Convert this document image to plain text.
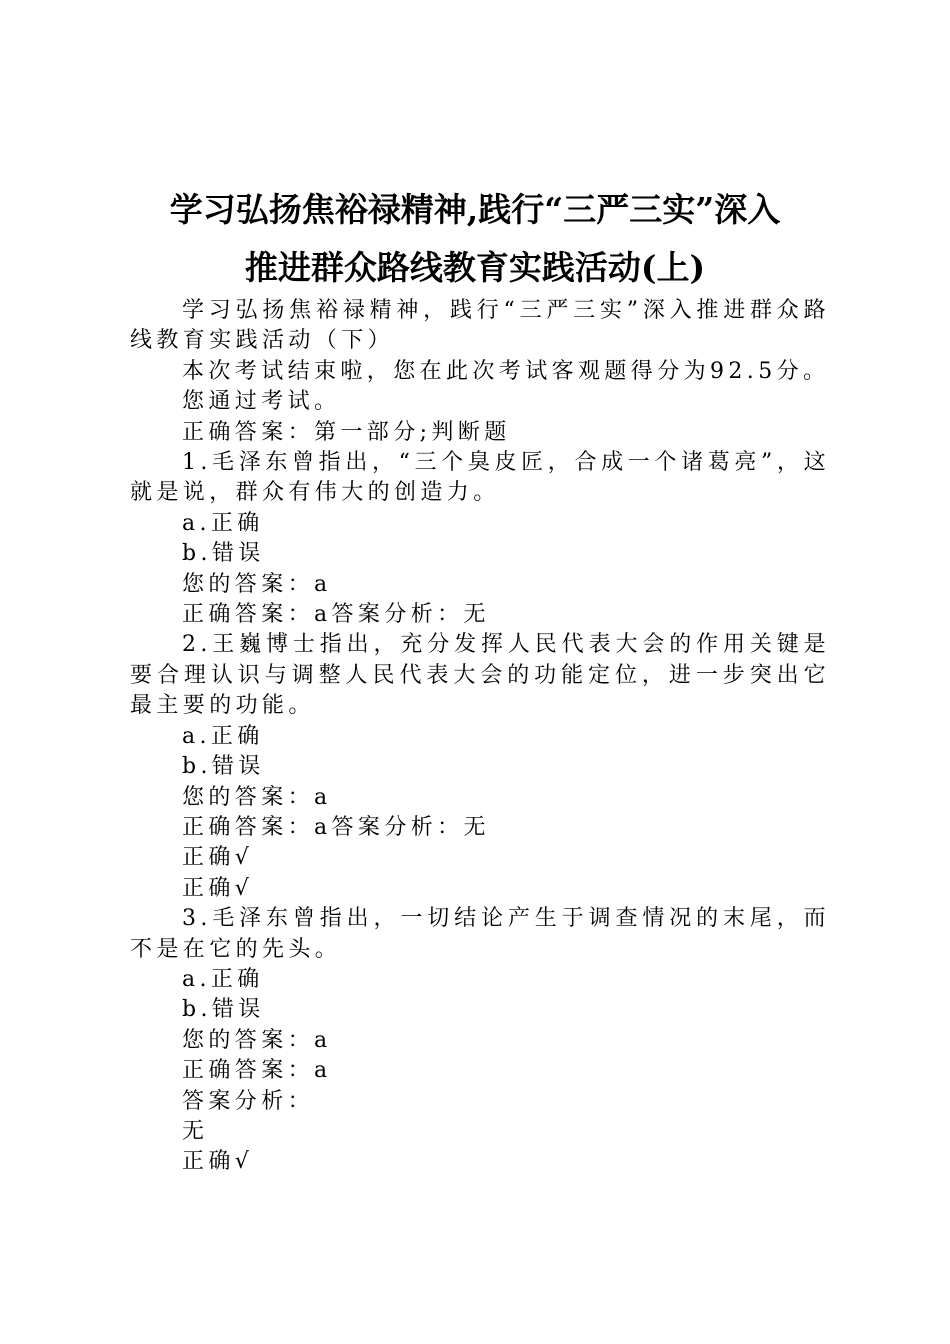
学习弘扬焦裕禄精神,践行“三严三实”深入
推进群众路线教育实践活动(上)

学习弘扬焦裕禄精神，践行“三严三实”深入推进群众路线教育实践活动（下）

本次考试结束啦，您在此次考试客观题得分为92.5分。

您通过考试。

正确答案：第一部分;判断题

1.毛泽东曾指出，“三个臭皮匠，合成一个诸葛亮”，这就是说，群众有伟大的创造力。

a.正确

b.错误

您的答案：a

正确答案：a答案分析：无

2.王巍博士指出，充分发挥人民代表大会的作用关键是要合理认识与调整人民代表大会的功能定位，进一步突出它最主要的功能。

a.正确

b.错误

您的答案：a

正确答案：a答案分析：无

正确√

正确√

3.毛泽东曾指出，一切结论产生于调查情况的末尾，而不是在它的先头。

a.正确

b.错误

您的答案：a

正确答案：a

答案分析：

无

正确√
